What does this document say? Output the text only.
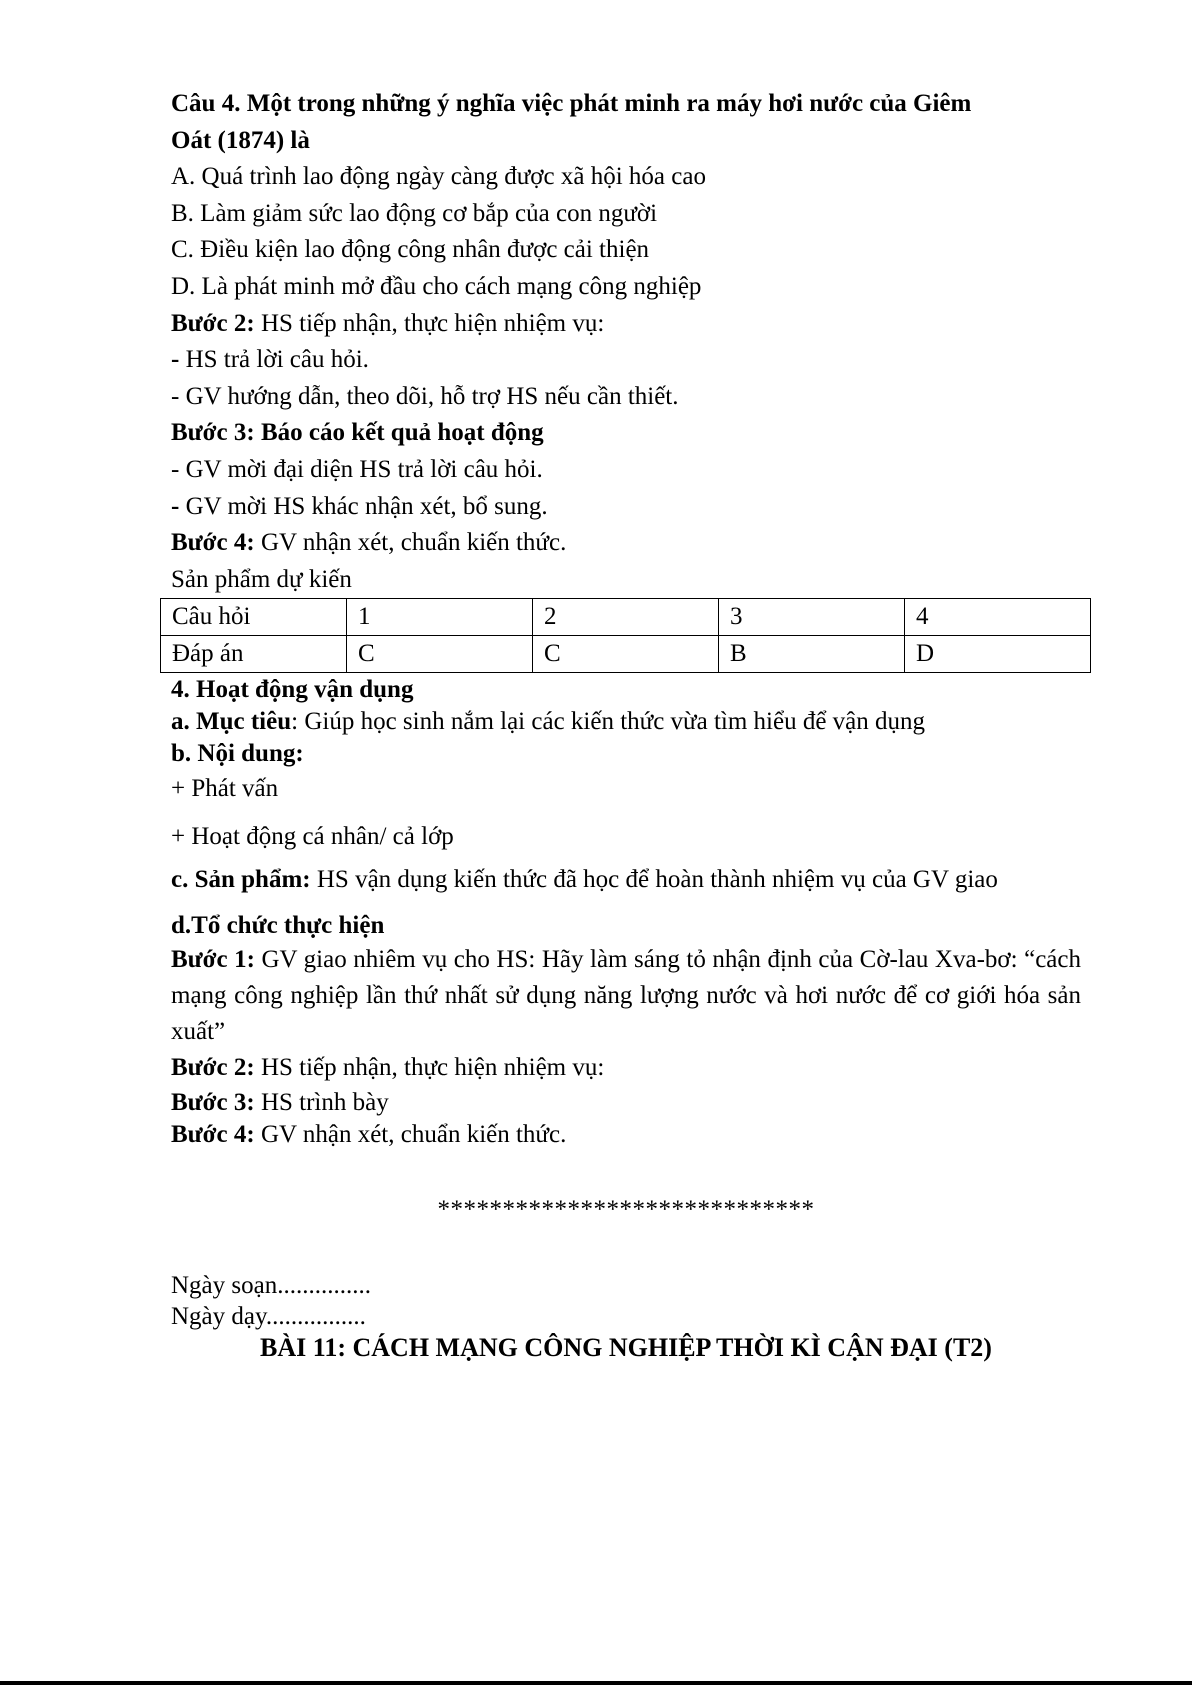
Câu 4. Một trong những ý nghĩa việc phát minh ra máy hơi nước của Giêm

Oát (1874) là

A. Quá trình lao động ngày càng được xã hội hóa cao

B. Làm giảm sức lao động cơ bắp của con người

C. Điều kiện lao động công nhân được cải thiện

D. Là phát minh mở đầu cho cách mạng công nghiệp

Bước 2: HS tiếp nhận, thực hiện nhiệm vụ:

- HS trả lời câu hỏi.

- GV hướng dẫn, theo dõi, hỗ trợ HS nếu cần thiết.

Bước 3: Báo cáo kết quả hoạt động

- GV mời đại diện HS trả lời câu hỏi.

- GV mời HS khác nhận xét, bổ sung.

Bước 4: GV nhận xét, chuẩn kiến thức.

Sản phẩm dự kiến

Câu hỏi	1	2	3	4
Đáp án	C	C	B	D

4. Hoạt động vận dụng

a. Mục tiêu: Giúp học sinh nắm lại các kiến thức vừa tìm hiểu để vận dụng

b. Nội dung:

+ Phát vấn

+ Hoạt động cá nhân/ cả lớp

c. Sản phẩm: HS vận dụng kiến thức đã học để hoàn thành nhiệm vụ của GV giao

d.Tổ chức thực hiện

Bước 1: GV giao nhiêm vụ cho HS: Hãy làm sáng tỏ nhận định của Cờ-lau Xva-bơ: “cách mạng công nghiệp lần thứ nhất sử dụng năng lượng nước và hơi nước để cơ giới hóa sản xuất”

Bước 2: HS tiếp nhận, thực hiện nhiệm vụ:

Bước 3: HS trình bày

Bước 4: GV nhận xét, chuẩn kiến thức.

*****************************

Ngày soạn...............

Ngày dạy................

BÀI 11: CÁCH MẠNG CÔNG NGHIỆP THỜI KÌ CẬN ĐẠI (T2)
